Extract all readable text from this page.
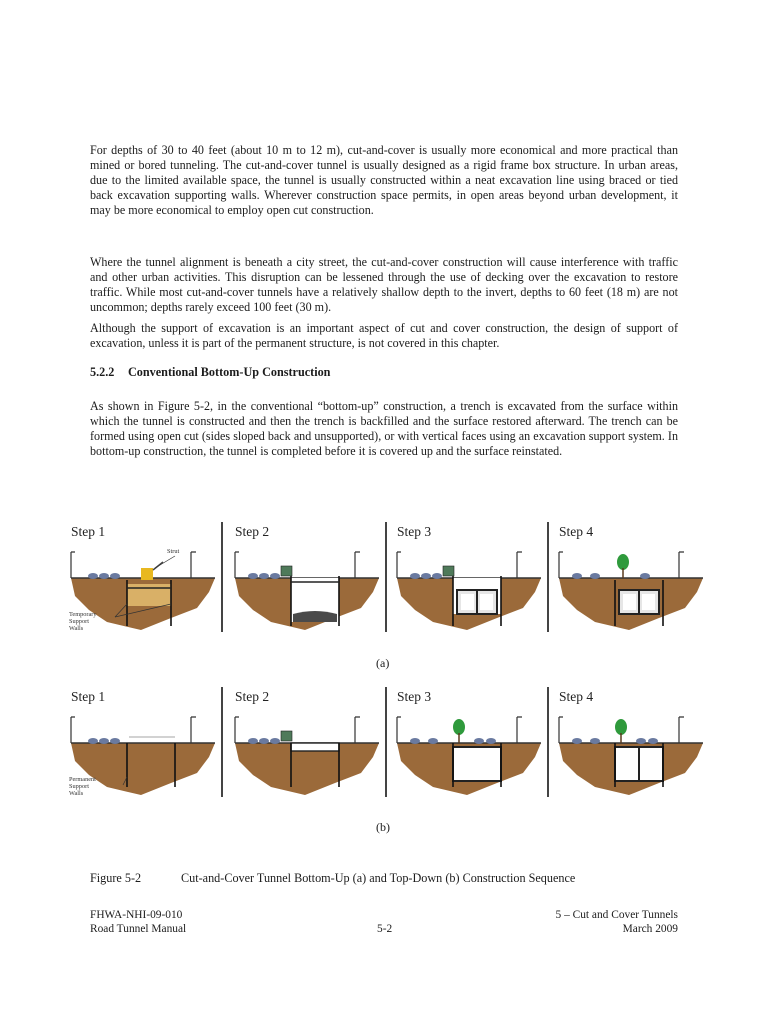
For depths of 30 to 40 feet (about 10 m to 12 m), cut-and-cover is usually more economical and more practical than mined or bored tunneling. The cut-and-cover tunnel is usually designed as a rigid frame box structure. In urban areas, due to the limited available space, the tunnel is usually constructed within a neat excavation line using braced or tied back excavation supporting walls. Wherever construction space permits, in open areas beyond urban development, it may be more economical to employ open cut construction.

Where the tunnel alignment is beneath a city street, the cut-and-cover construction will cause interference with traffic and other urban activities. This disruption can be lessened through the use of decking over the excavation to restore traffic. While most cut-and-cover tunnels have a relatively shallow depth to the invert, depths to 60 feet (18 m) are not uncommon; depths rarely exceed 100 feet (30 m).

Although the support of excavation is an important aspect of cut and cover construction, the design of support of excavation, unless it is part of the permanent structure, is not covered in this chapter.

5.2.2 Conventional Bottom-Up Construction

As shown in Figure 5-2, in the conventional “bottom-up” construction, a trench is excavated from the surface within which the tunnel is constructed and then the trench is backfilled and the surface restored afterward. The trench can be formed using open cut (sides sloped back and unsupported), or with vertical faces using an excavation support system. In bottom-up construction, the tunnel is completed before it is covered up and the surface reinstated.

Step 1
Strut
Temporary
Support
Walls
Step 2	Step 3	Step 4
(a)
Step 1
Permanent
Support
Walls
Step 2	Step 3	Step 4
(b)
Figure 5-2	Cut-and-Cover Tunnel Bottom-Up (a) and Top-Down (b) Construction Sequence
FHWA-NHI-09-010
Road Tunnel Manual	5-2
5 – Cut and Cover Tunnels
March 2009
